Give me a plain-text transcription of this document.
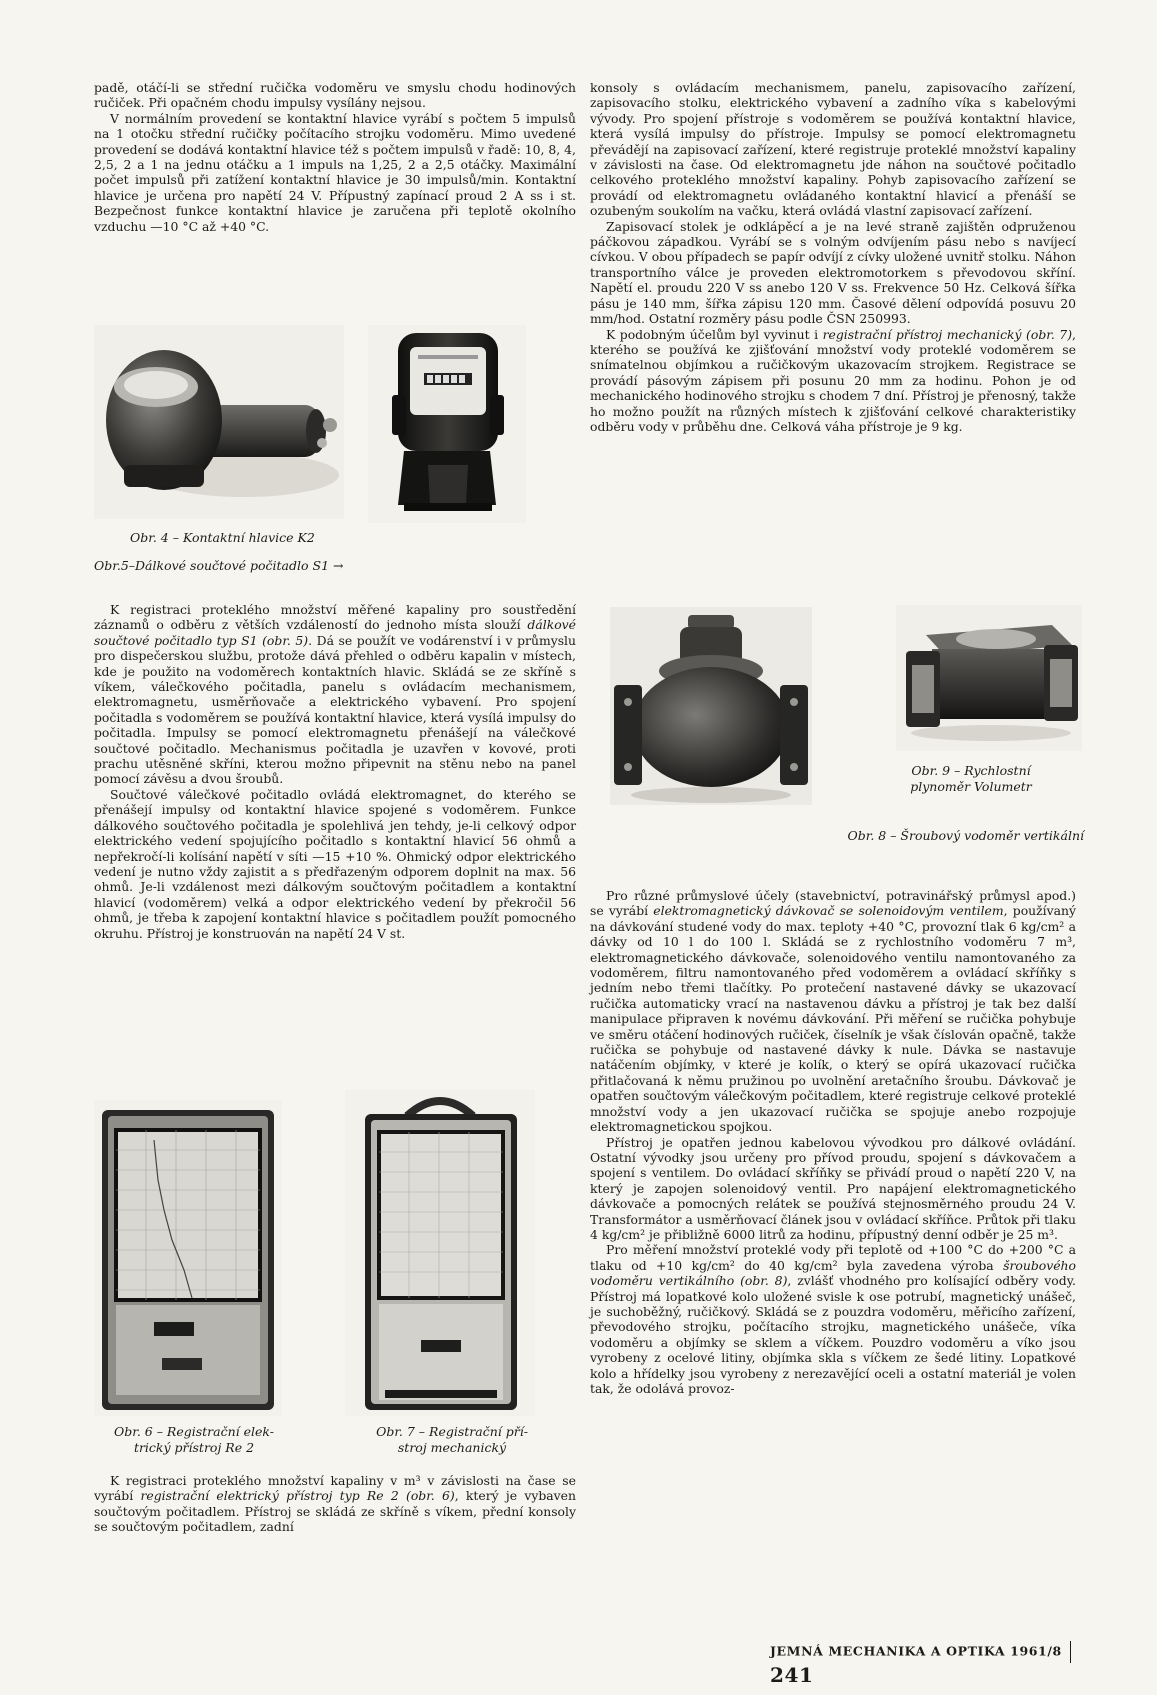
padě, otáčí-li se střední ručička vodoměru ve smyslu chodu hodinových ručiček. Při opačném chodu impulsy vysílány nejsou.

V normálním provedení se kontaktní hlavice vyrábí s počtem 5 impulsů na 1 otočku střední ručičky počítacího strojku vodoměru. Mimo uvedené provedení se dodává kontaktní hlavice též s počtem impulsů v řadě: 10, 8, 4, 2,5, 2 a 1 na jednu otáčku a 1 impuls na 1,25, 2 a 2,5 otáčky. Maximální počet impulsů při zatížení kontaktní hlavice je 30 impulsů/min. Kontaktní hlavice je určena pro napětí 24 V. Přípustný zapínací proud 2 A ss i st. Bezpečnost funkce kontaktní hlavice je zaručena při teplotě okolního vzduchu —10 °C až +40 °C.

Obr. 4 – Kontaktní hlavice K2
Obr.5–Dálkové součtové počitadlo S1 →

K registraci proteklého množství měřené kapaliny pro soustředění záznamů o odběru z větších vzdáleností do jednoho místa slouží dálkové součtové počitadlo typ S1 (obr. 5). Dá se použít ve vodárenství i v průmyslu pro dispečerskou službu, protože dává přehled o odběru kapalin v místech, kde je použito na vodoměrech kontaktních hlavic. Skládá se ze skříně s víkem, válečkového počitadla, panelu s ovládacím mechanismem, elektromagnetu, usměrňovače a elektrického vybavení. Pro spojení počitadla s vodoměrem se používá kontaktní hlavice, která vysílá impulsy do počitadla. Impulsy se pomocí elektromagnetu přenášejí na válečkové součtové počitadlo. Mechanismus počitadla je uzavřen v kovové, proti prachu utěsněné skříni, kterou možno připevnit na stěnu nebo na panel pomocí závěsu a dvou šroubů.

Součtové válečkové počitadlo ovládá elektromagnet, do kterého se přenášejí impulsy od kontaktní hlavice spojené s vodoměrem. Funkce dálkového součtového počitadla je spolehlivá jen tehdy, je-li celkový odpor elektrického vedení spojujícího počitadlo s kontaktní hlavicí 56 ohmů a nepřekročí-li kolísání napětí v síti —15 +10 %. Ohmický odpor elektrického vedení je nutno vždy zajistit a s předřazeným odporem doplnit na max. 56 ohmů. Je-li vzdálenost mezi dálkovým součtovým počitadlem a kontaktní hlavicí (vodoměrem) velká a odpor elektrického vedení by překročil 56 ohmů, je třeba k zapojení kontaktní hlavice s počitadlem použít pomocného okruhu. Přístroj je konstruován na napětí 24 V st.

Obr. 6 – Registrační elek-
trický přístroj Re 2
Obr. 7 – Registrační pří-
stroj mechanický

K registraci proteklého množství kapaliny v m³ v závislosti na čase se vyrábí registrační elektrický přístroj typ Re 2 (obr. 6), který je vybaven součtovým počitadlem. Přístroj se skládá ze skříně s víkem, přední konsoly se součtovým počitadlem, zadní

konsoly s ovládacím mechanismem, panelu, zapisovacího zařízení, zapisovacího stolku, elektrického vybavení a zadního víka s kabelovými vývody. Pro spojení přístroje s vodoměrem se používá kontaktní hlavice, která vysílá impulsy do přístroje. Impulsy se pomocí elektromagnetu převádějí na zapisovací zařízení, které registruje proteklé množství kapaliny v závislosti na čase. Od elektromagnetu jde náhon na součtové počitadlo celkového proteklého množství kapaliny. Pohyb zapisovacího zařízení se provádí od elektromagnetu ovládaného kontaktní hlavicí a přenáší se ozubeným soukolím na vačku, která ovládá vlastní zapisovací zařízení.

Zapisovací stolek je odklápěcí a je na levé straně zajištěn odpruženou páčkovou západkou. Vyrábí se s volným odvíjením pásu nebo s navíjecí cívkou. V obou případech se papír odvíjí z cívky uložené uvnitř stolku. Náhon transportního válce je proveden elektromotorkem s převodovou skříní. Napětí el. proudu 220 V ss anebo 120 V ss. Frekvence 50 Hz. Celková šířka pásu je 140 mm, šířka zápisu 120 mm. Časové dělení odpovídá posuvu 20 mm/hod. Ostatní rozměry pásu podle ČSN 250993.

K podobným účelům byl vyvinut i registrační přístroj mechanický (obr. 7), kterého se používá ke zjišťování množství vody proteklé vodoměrem se snímatelnou objímkou a ručičkovým ukazovacím strojkem. Registrace se provádí pásovým zápisem při posunu 20 mm za hodinu. Pohon je od mechanického hodinového strojku s chodem 7 dní. Přístroj je přenosný, takže ho možno použít na různých místech k zjišťování celkové charakteristiky odběru vody v průběhu dne. Celková váha přístroje je 9 kg.

Obr. 9 – Rychlostní
plynoměr Volumetr
Obr. 8 – Šroubový vodoměr vertikální

Pro různé průmyslové účely (stavebnictví, potravinářský průmysl apod.) se vyrábí elektromagnetický dávkovač se solenoidovým ventilem, používaný na dávkování studené vody do max. teploty +40 °C, provozní tlak 6 kg/cm² a dávky od 10 l do 100 l. Skládá se z rychlostního vodoměru 7 m³, elektromagnetického dávkovače, solenoidového ventilu namontovaného za vodoměrem, filtru namontovaného před vodoměrem a ovládací skříňky s jedním nebo třemi tlačítky. Po protečení nastavené dávky se ukazovací ručička automaticky vrací na nastavenou dávku a přístroj je tak bez další manipulace připraven k novému dávkování. Při měření se ručička pohybuje ve směru otáčení hodinových ručiček, číselník je však číslován opačně, takže ručička se pohybuje od nastavené dávky k nule. Dávka se nastavuje natáčením objímky, v které je kolík, o který se opírá ukazovací ručička přitlačovaná k němu pružinou po uvolnění aretačního šroubu. Dávkovač je opatřen součtovým válečkovým počitadlem, které registruje celkové proteklé množství vody a jen ukazovací ručička se spojuje anebo rozpojuje elektromagnetickou spojkou.

Přístroj je opatřen jednou kabelovou vývodkou pro dálkové ovládání. Ostatní vývodky jsou určeny pro přívod proudu, spojení s dávkovačem a spojení s ventilem. Do ovládací skříňky se přivádí proud o napětí 220 V, na který je zapojen solenoidový ventil. Pro napájení elektromagnetického dávkovače a pomocných relátek se používá stejnosměrného proudu 24 V. Transformátor a usměrňovací článek jsou v ovládací skříňce. Průtok při tlaku 4 kg/cm² je přibližně 6000 litrů za hodinu, přípustný denní odběr je 25 m³.

Pro měření množství proteklé vody při teplotě od +100 °C do +200 °C a tlaku od +10 kg/cm² do 40 kg/cm² byla zavedena výroba šroubového vodoměru vertikálního (obr. 8), zvlášť vhodného pro kolísající odběry vody. Přístroj má lopatkové kolo uložené svisle k ose potrubí, magnetický unášeč, je suchoběžný, ručičkový. Skládá se z pouzdra vodoměru, měřicího zařízení, převodového strojku, počítacího strojku, magnetického unášeče, víka vodoměru a objímky se sklem a víčkem. Pouzdro vodoměru a víko jsou vyrobeny z ocelové litiny, objímka skla s víčkem ze šedé litiny. Lopatkové kolo a hřídelky jsou vyrobeny z nerezavějící oceli a ostatní materiál je volen tak, že odolává provoz-

JEMNÁ MECHANIKA A OPTIKA 1961/8241
